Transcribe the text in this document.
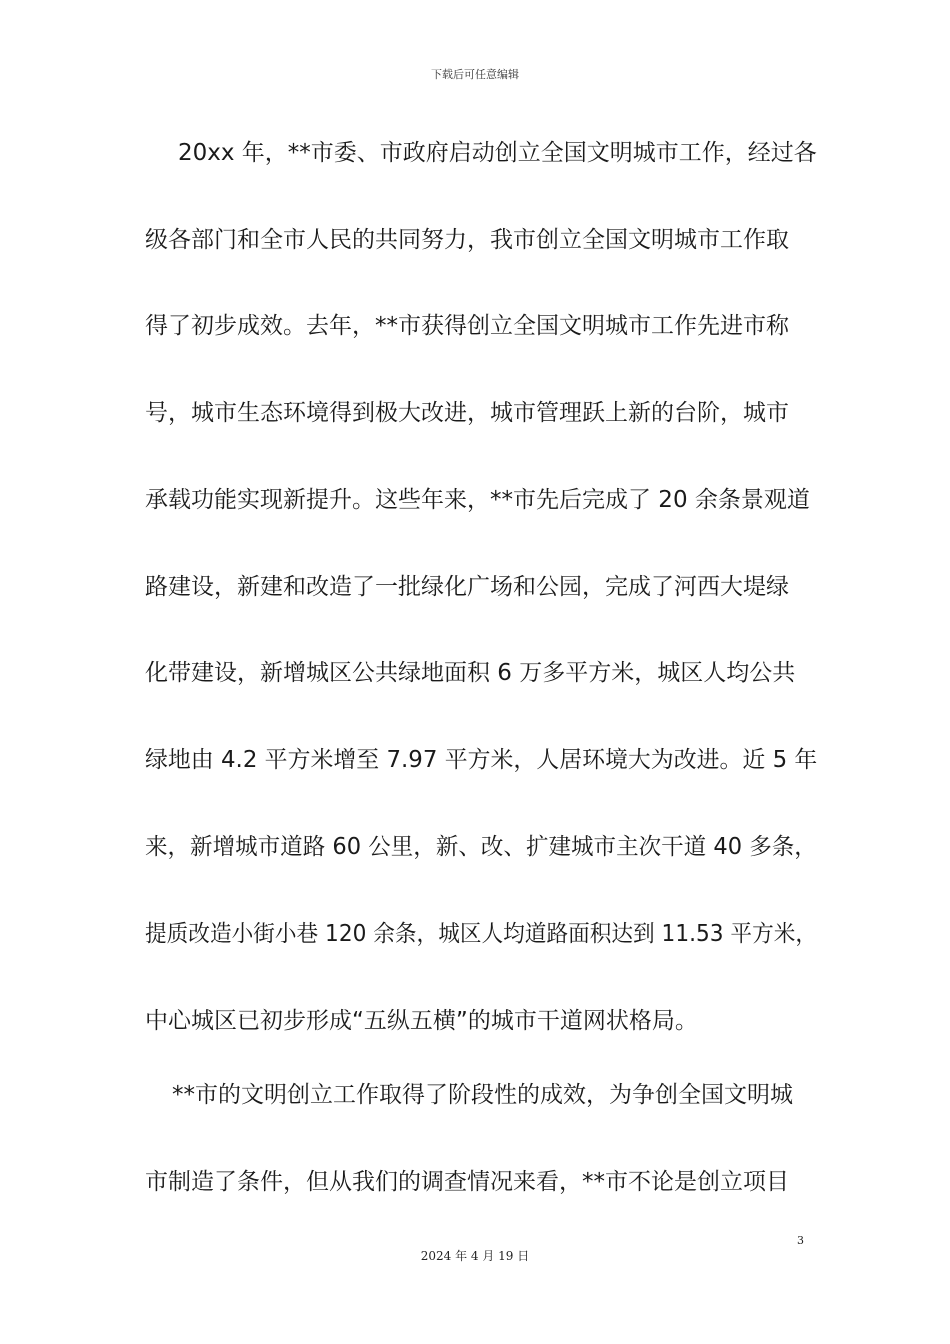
下载后可任意编辑
20xx 年，**市委、市政府启动创立全国文明城市工作，经过各
级各部门和全市人民的共同努力，我市创立全国文明城市工作取
得了初步成效。去年，**市获得创立全国文明城市工作先进市称
号，城市生态环境得到极大改进，城市管理跃上新的台阶，城市
承载功能实现新提升。这些年来，**市先后完成了 20 余条景观道
路建设，新建和改造了一批绿化广场和公园，完成了河西大堤绿
化带建设，新增城区公共绿地面积 6 万多平方米，城区人均公共
绿地由 4.2 平方米增至 7.97 平方米，人居环境大为改进。近 5 年
来，新增城市道路 60 公里，新、改、扩建城市主次干道 40 多条，
提质改造小街小巷 120 余条，城区人均道路面积达到 11.53 平方米，
中心城区已初步形成“五纵五横”的城市干道网状格局。
**市的文明创立工作取得了阶段性的成效，为争创全国文明城
市制造了条件，但从我们的调查情况来看，**市不论是创立项目
3
2024 年 4 月 19 日
